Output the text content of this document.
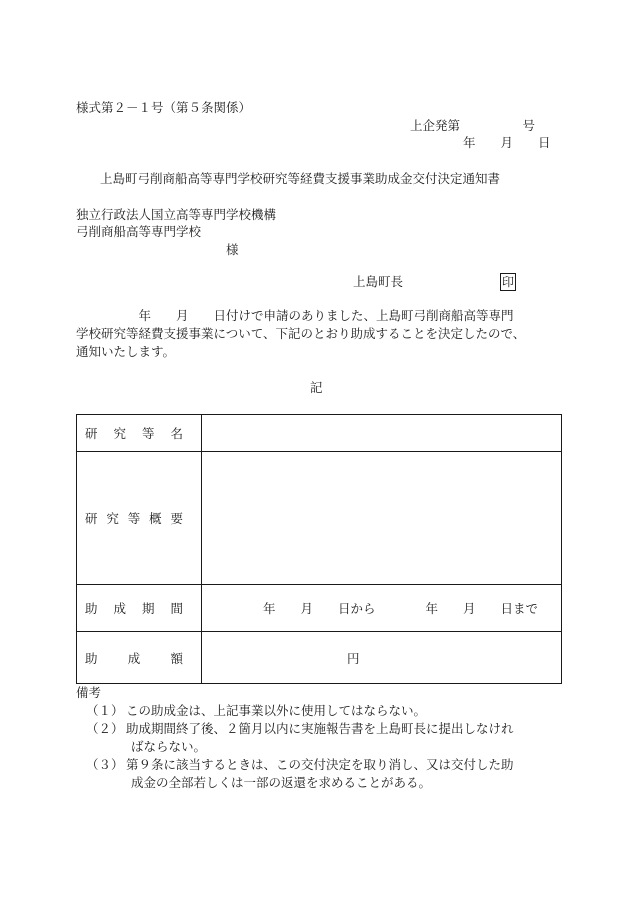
様式第２－１号（第５条関係）
上企発第　　　　　号
年　　月　　日
上島町弓削商船高等専門学校研究等経費支援事業助成金交付決定通知書
独立行政法人国立高等専門学校機構
弓削商船高等専門学校
様
上島町長	印
　　　　　年　　月　　日付けで申請のありました、上島町弓削商船高等専門
学校研究等経費支援事業について、下記のとおり助成することを決定したので、
通知いたします。
記
研 究 等 名	

研 究 等 概 要	

助 成 期 間	年　　月　　日から　　　　年　　月　　日まで

助 成 額	円
備考
（１） この助成金は、上記事業以外に使用してはならない。
（２） 助成期間終了後、２箇月以内に実施報告書を上島町長に提出しなけれ
ばならない。
（３） 第９条に該当するときは、この交付決定を取り消し、又は交付した助
成金の全部若しくは一部の返還を求めることがある。
